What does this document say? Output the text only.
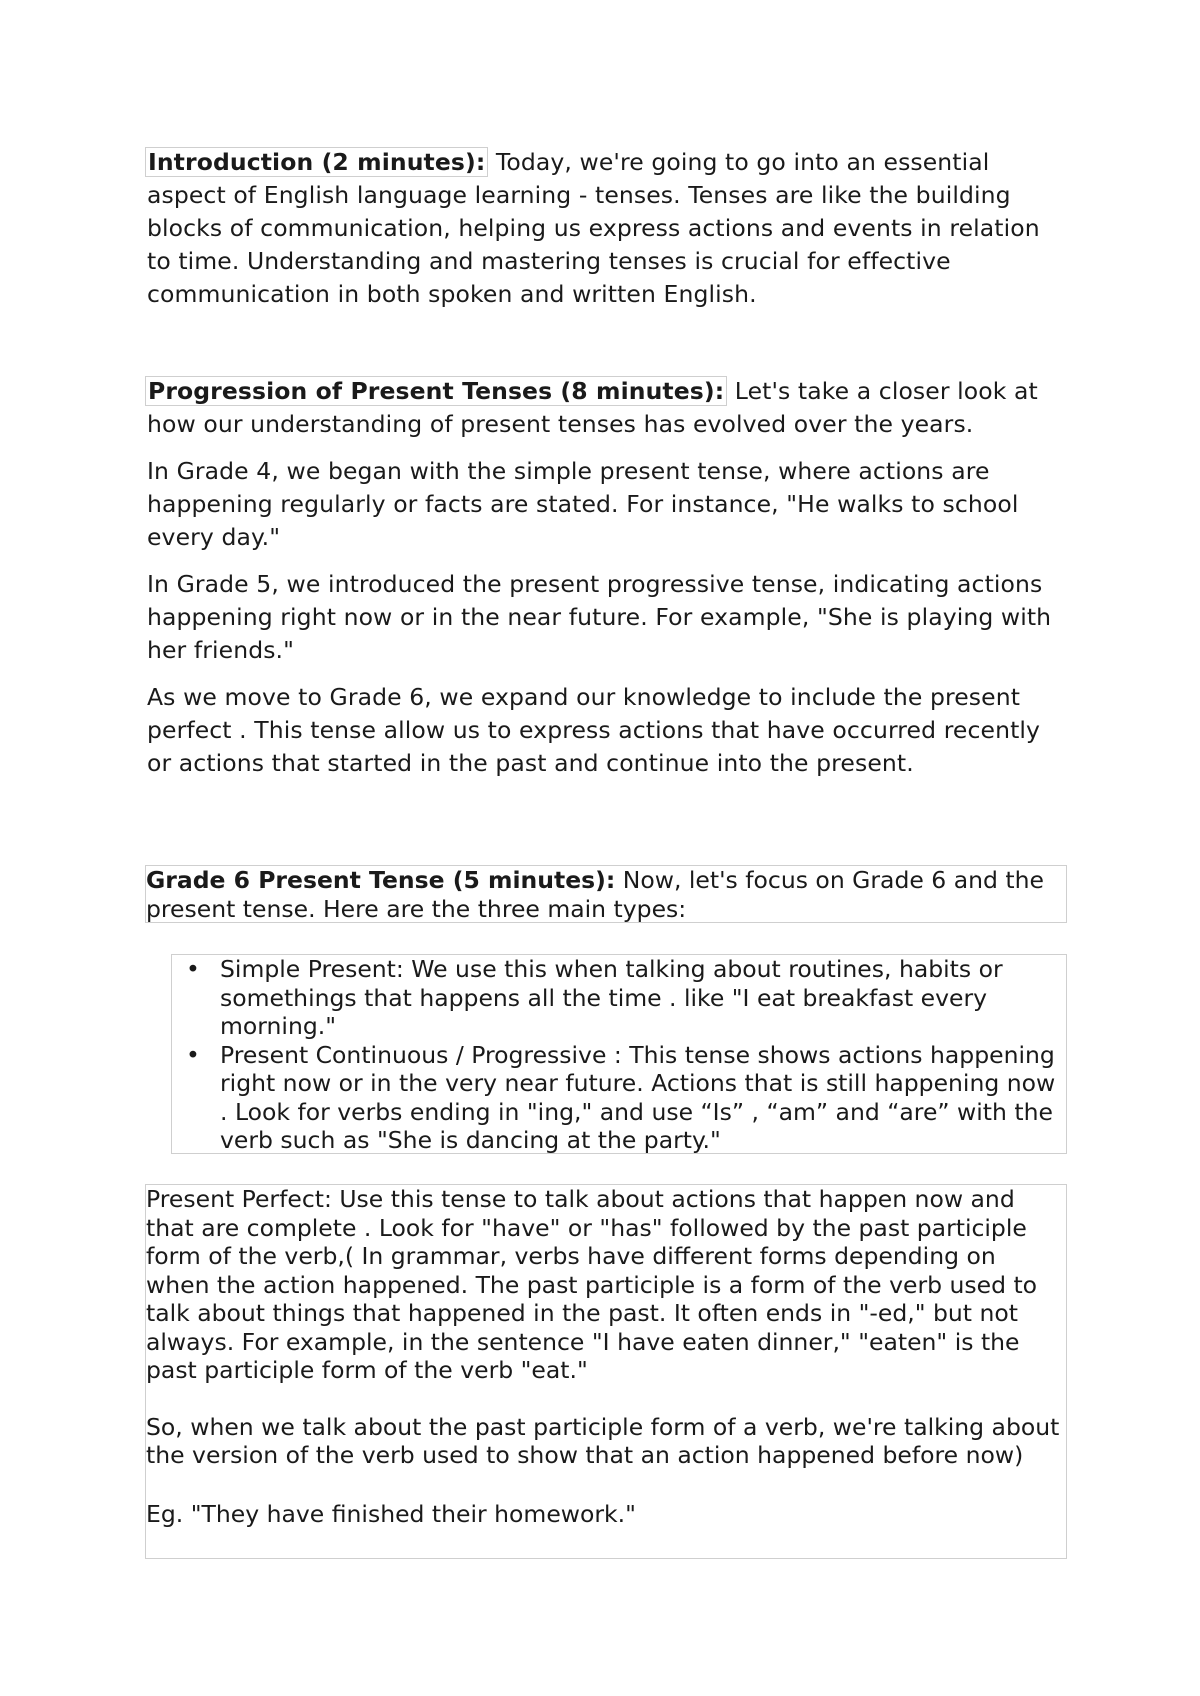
Introduction (2 minutes): Today, we're going to go into an essential aspect of English language learning - tenses. Tenses are like the building blocks of communication, helping us express actions and events in relation to time. Understanding and mastering tenses is crucial for effective communication in both spoken and written English.

Progression of Present Tenses (8 minutes): Let's take a closer look at how our understanding of present tenses has evolved over the years.

In Grade 4, we began with the simple present tense, where actions are happening regularly or facts are stated. For instance, "He walks to school every day."

In Grade 5, we introduced the present progressive tense, indicating actions happening right now or in the near future. For example, "She is playing with her friends."

As we move to Grade 6, we expand our knowledge to include the present perfect . This tense allow us to express actions that have occurred recently or actions that started in the past and continue into the present.

Grade 6 Present Tense (5 minutes): Now, let's focus on Grade 6 and the present tense. Here are the three main types:

• Simple Present: We use this when talking about routines, habits or somethings that happens all the time . like "I eat breakfast every morning."
• Present Continuous / Progressive : This tense shows actions happening right now or in the very near future. Actions that is still happening now . Look for verbs ending in "ing," and use “Is” , “am” and “are” with the verb such as "She is dancing at the party."

Present Perfect: Use this tense to talk about actions that happen now and that are complete . Look for "have" or "has" followed by the past participle form of the verb,( In grammar, verbs have different forms depending on when the action happened. The past participle is a form of the verb used to talk about things that happened in the past. It often ends in "-ed," but not always. For example, in the sentence "I have eaten dinner," "eaten" is the past participle form of the verb "eat."

So, when we talk about the past participle form of a verb, we're talking about the version of the verb used to show that an action happened before now)

Eg. "They have finished their homework."
